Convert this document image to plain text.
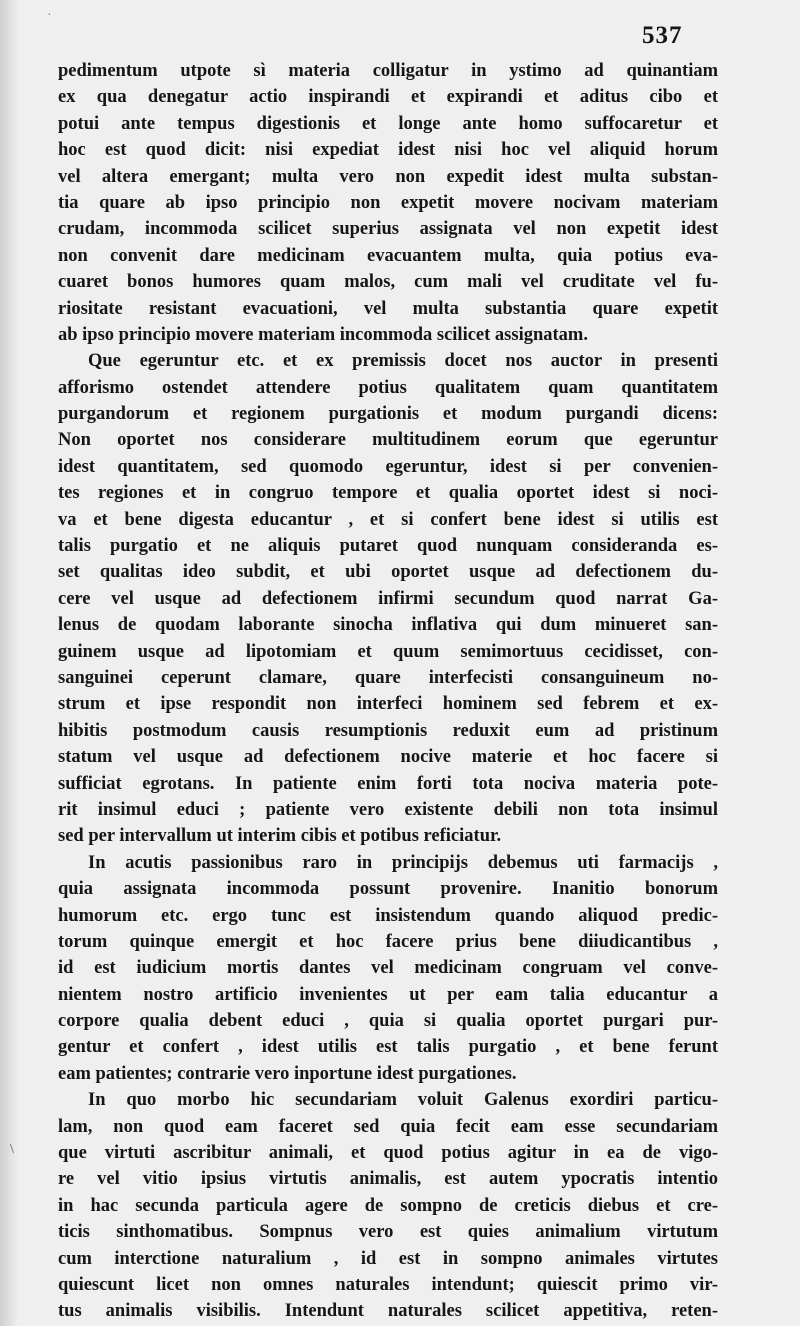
·
537
pedimentum utpote sì materia colligatur in ystimo ad quinantiam
ex qua denegatur actio inspirandi et expirandi et aditus cibo et
potui ante tempus digestionis et longe ante homo suffocaretur et
hoc est quod dicit: nisi expediat idest nisi hoc vel aliquid horum
vel altera emergant; multa vero non expedit idest multa substan-
tia quare ab ipso principio non expetit movere nocivam materiam
crudam, incommoda scilicet superius assignata vel non expetit idest
non convenit dare medicinam evacuantem multa, quia potius eva-
cuaret bonos humores quam malos, cum mali vel cruditate vel fu-
riositate resistant evacuationi, vel multa substantia quare expetit
ab ipso principio movere materiam incommoda scilicet assignatam.
Que egeruntur etc. et ex premissis docet nos auctor in presenti
afforismo ostendet attendere potius qualitatem quam quantitatem
purgandorum et regionem purgationis et modum purgandi dicens:
Non oportet nos considerare multitudinem eorum que egeruntur
idest quantitatem, sed quomodo egeruntur, idest si per convenien-
tes regiones et in congruo tempore et qualia oportet idest si noci-
va et bene digesta educantur , et si confert bene idest si utilis est
talis purgatio et ne aliquis putaret quod nunquam consideranda es-
set qualitas ideo subdit, et ubi oportet usque ad defectionem du-
cere vel usque ad defectionem infirmi secundum quod narrat Ga-
lenus de quodam laborante sinocha inflativa qui dum minueret san-
guinem usque ad lipotomiam et quum semimortuus cecidisset, con-
sanguinei ceperunt clamare, quare interfecisti consanguineum no-
strum et ipse respondit non interfeci hominem sed febrem et ex-
hibitis postmodum causis resumptionis reduxit eum ad pristinum
statum vel usque ad defectionem nocive materie et hoc facere si
sufficiat egrotans. In patiente enim forti tota nociva materia pote-
rit insimul educi ; patiente vero existente debili non tota insimul
sed per intervallum ut interim cibis et potibus reficiatur.
In acutis passionibus raro in principijs debemus uti farmacijs ,
quia assignata incommoda possunt provenire. Inanitio bonorum
humorum etc. ergo tunc est insistendum quando aliquod predic-
torum quinque emergit et hoc facere prius bene diiudicantibus ,
id est iudicium mortis dantes vel medicinam congruam vel conve-
nientem nostro artificio invenientes ut per eam talia educantur a
corpore qualia debent educi , quia si qualia oportet purgari pur-
gentur et confert , idest utilis est talis purgatio , et bene ferunt
eam patientes; contrarie vero inportune idest purgationes.
In quo morbo hic secundariam voluit Galenus exordiri particu-
lam, non quod eam faceret sed quia fecit eam esse secundariam
que virtuti ascribitur animali, et quod potius agitur in ea de vigo-
re vel vitio ipsius virtutis animalis, est autem ypocratis intentio
in hac secunda particula agere de sompno de creticis diebus et cre-
ticis sinthomatibus. Sompnus vero est quies animalium virtutum
cum interctione naturalium , id est in sompno animales virtutes
quiescunt licet non omnes naturales intendunt; quiescit primo vir-
tus animalis visibilis. Intendunt naturales scilicet appetitiva, reten-
\
